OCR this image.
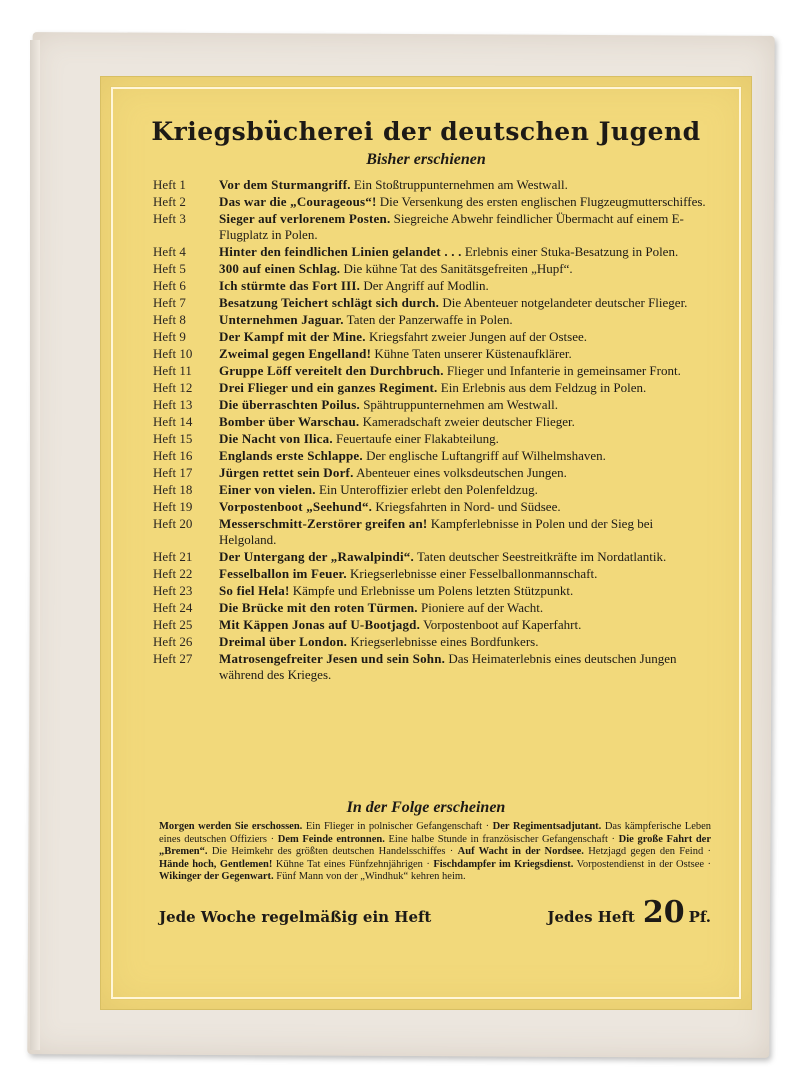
Kriegsbücherei der deutschen Jugend
Bisher erschienen
Heft 1	Vor dem Sturmangriff. Ein Stoßtruppunternehmen am Westwall.
Heft 2	Das war die „Courageous“! Die Versenkung des ersten englischen Flugzeugmutterschiffes.
Heft 3	Sieger auf verlorenem Posten. Siegreiche Abwehr feindlicher Übermacht auf einem E-Flugplatz in Polen.
Heft 4	Hinter den feindlichen Linien gelandet . . . Erlebnis einer Stuka-Besatzung in Polen.
Heft 5	300 auf einen Schlag. Die kühne Tat des Sanitätsgefreiten „Hupf“.
Heft 6	Ich stürmte das Fort III. Der Angriff auf Modlin.
Heft 7	Besatzung Teichert schlägt sich durch. Die Abenteuer notgelandeter deutscher Flieger.
Heft 8	Unternehmen Jaguar. Taten der Panzerwaffe in Polen.
Heft 9	Der Kampf mit der Mine. Kriegsfahrt zweier Jungen auf der Ostsee.
Heft 10	Zweimal gegen Engelland! Kühne Taten unserer Küstenaufklärer.
Heft 11	Gruppe Löff vereitelt den Durchbruch. Flieger und Infanterie in gemeinsamer Front.
Heft 12	Drei Flieger und ein ganzes Regiment. Ein Erlebnis aus dem Feldzug in Polen.
Heft 13	Die überraschten Poilus. Spähtruppunternehmen am Westwall.
Heft 14	Bomber über Warschau. Kameradschaft zweier deutscher Flieger.
Heft 15	Die Nacht von Ilica. Feuertaufe einer Flakabteilung.
Heft 16	Englands erste Schlappe. Der englische Luftangriff auf Wilhelmshaven.
Heft 17	Jürgen rettet sein Dorf. Abenteuer eines volksdeutschen Jungen.
Heft 18	Einer von vielen. Ein Unteroffizier erlebt den Polenfeldzug.
Heft 19	Vorpostenboot „Seehund“. Kriegsfahrten in Nord- und Südsee.
Heft 20	Messerschmitt-Zerstörer greifen an! Kampferlebnisse in Polen und der Sieg bei Helgoland.
Heft 21	Der Untergang der „Rawalpindi“. Taten deutscher Seestreitkräfte im Nordatlantik.
Heft 22	Fesselballon im Feuer. Kriegserlebnisse einer Fesselballonmannschaft.
Heft 23	So fiel Hela! Kämpfe und Erlebnisse um Polens letzten Stützpunkt.
Heft 24	Die Brücke mit den roten Türmen. Pioniere auf der Wacht.
Heft 25	Mit Käppen Jonas auf U-Bootjagd. Vorpostenboot auf Kaperfahrt.
Heft 26	Dreimal über London. Kriegserlebnisse eines Bordfunkers.
Heft 27	Matrosengefreiter Jesen und sein Sohn. Das Heimaterlebnis eines deutschen Jungen während des Krieges.
In der Folge erscheinen
Morgen werden Sie erschossen. Ein Flieger in polnischer Gefangenschaft · Der Regimentsadjutant. Das kämpferische Leben eines deutschen Offiziers · Dem Feinde entronnen. Eine halbe Stunde in französischer Gefangenschaft · Die große Fahrt der „Bremen“. Die Heimkehr des größten deutschen Handelsschiffes · Auf Wacht in der Nordsee. Hetzjagd gegen den Feind · Hände hoch, Gentlemen! Kühne Tat eines Fünfzehnjährigen · Fischdampfer im Kriegsdienst. Vorpostendienst in der Ostsee · Wikinger der Gegenwart. Fünf Mann von der „Windhuk“ kehren heim.
Jede Woche regelmäßig ein Heft	Jedes Heft 20 Pf.
